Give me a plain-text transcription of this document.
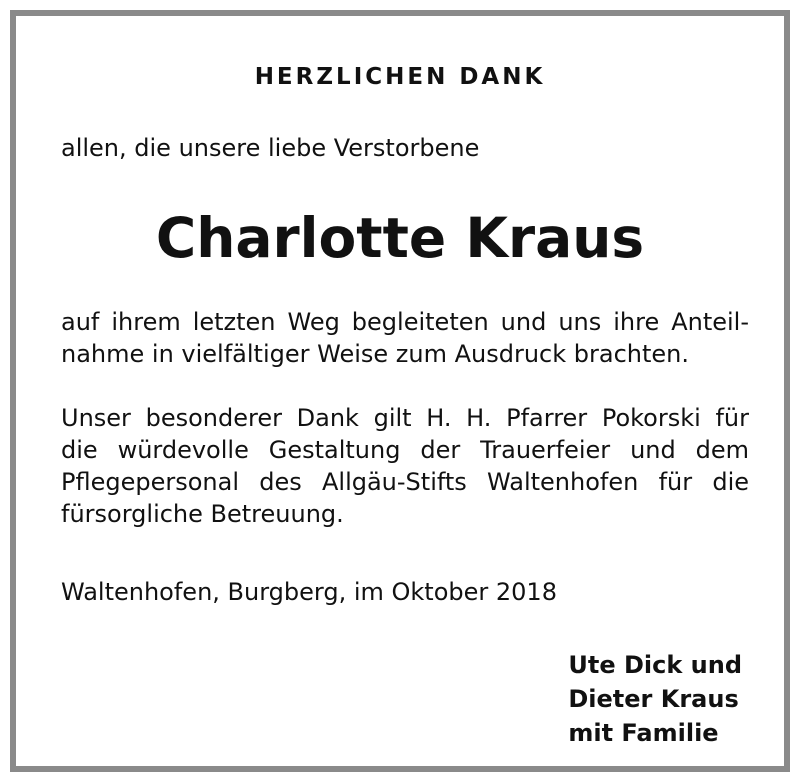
HERZLICHEN DANK
allen, die unsere liebe Verstorbene
Charlotte Kraus
auf ihrem letzten Weg begleiteten und uns ihre Anteil-
nahme in vielfältiger Weise zum Ausdruck brachten.
Unser besonderer Dank gilt H. H. Pfarrer Pokorski für
die würdevolle Gestaltung der Trauerfeier und dem
Pflegepersonal des Allgäu-Stifts Waltenhofen für die
fürsorgliche Betreuung.
Waltenhofen, Burgberg, im Oktober 2018
Ute Dick und
Dieter Kraus
mit Familie
